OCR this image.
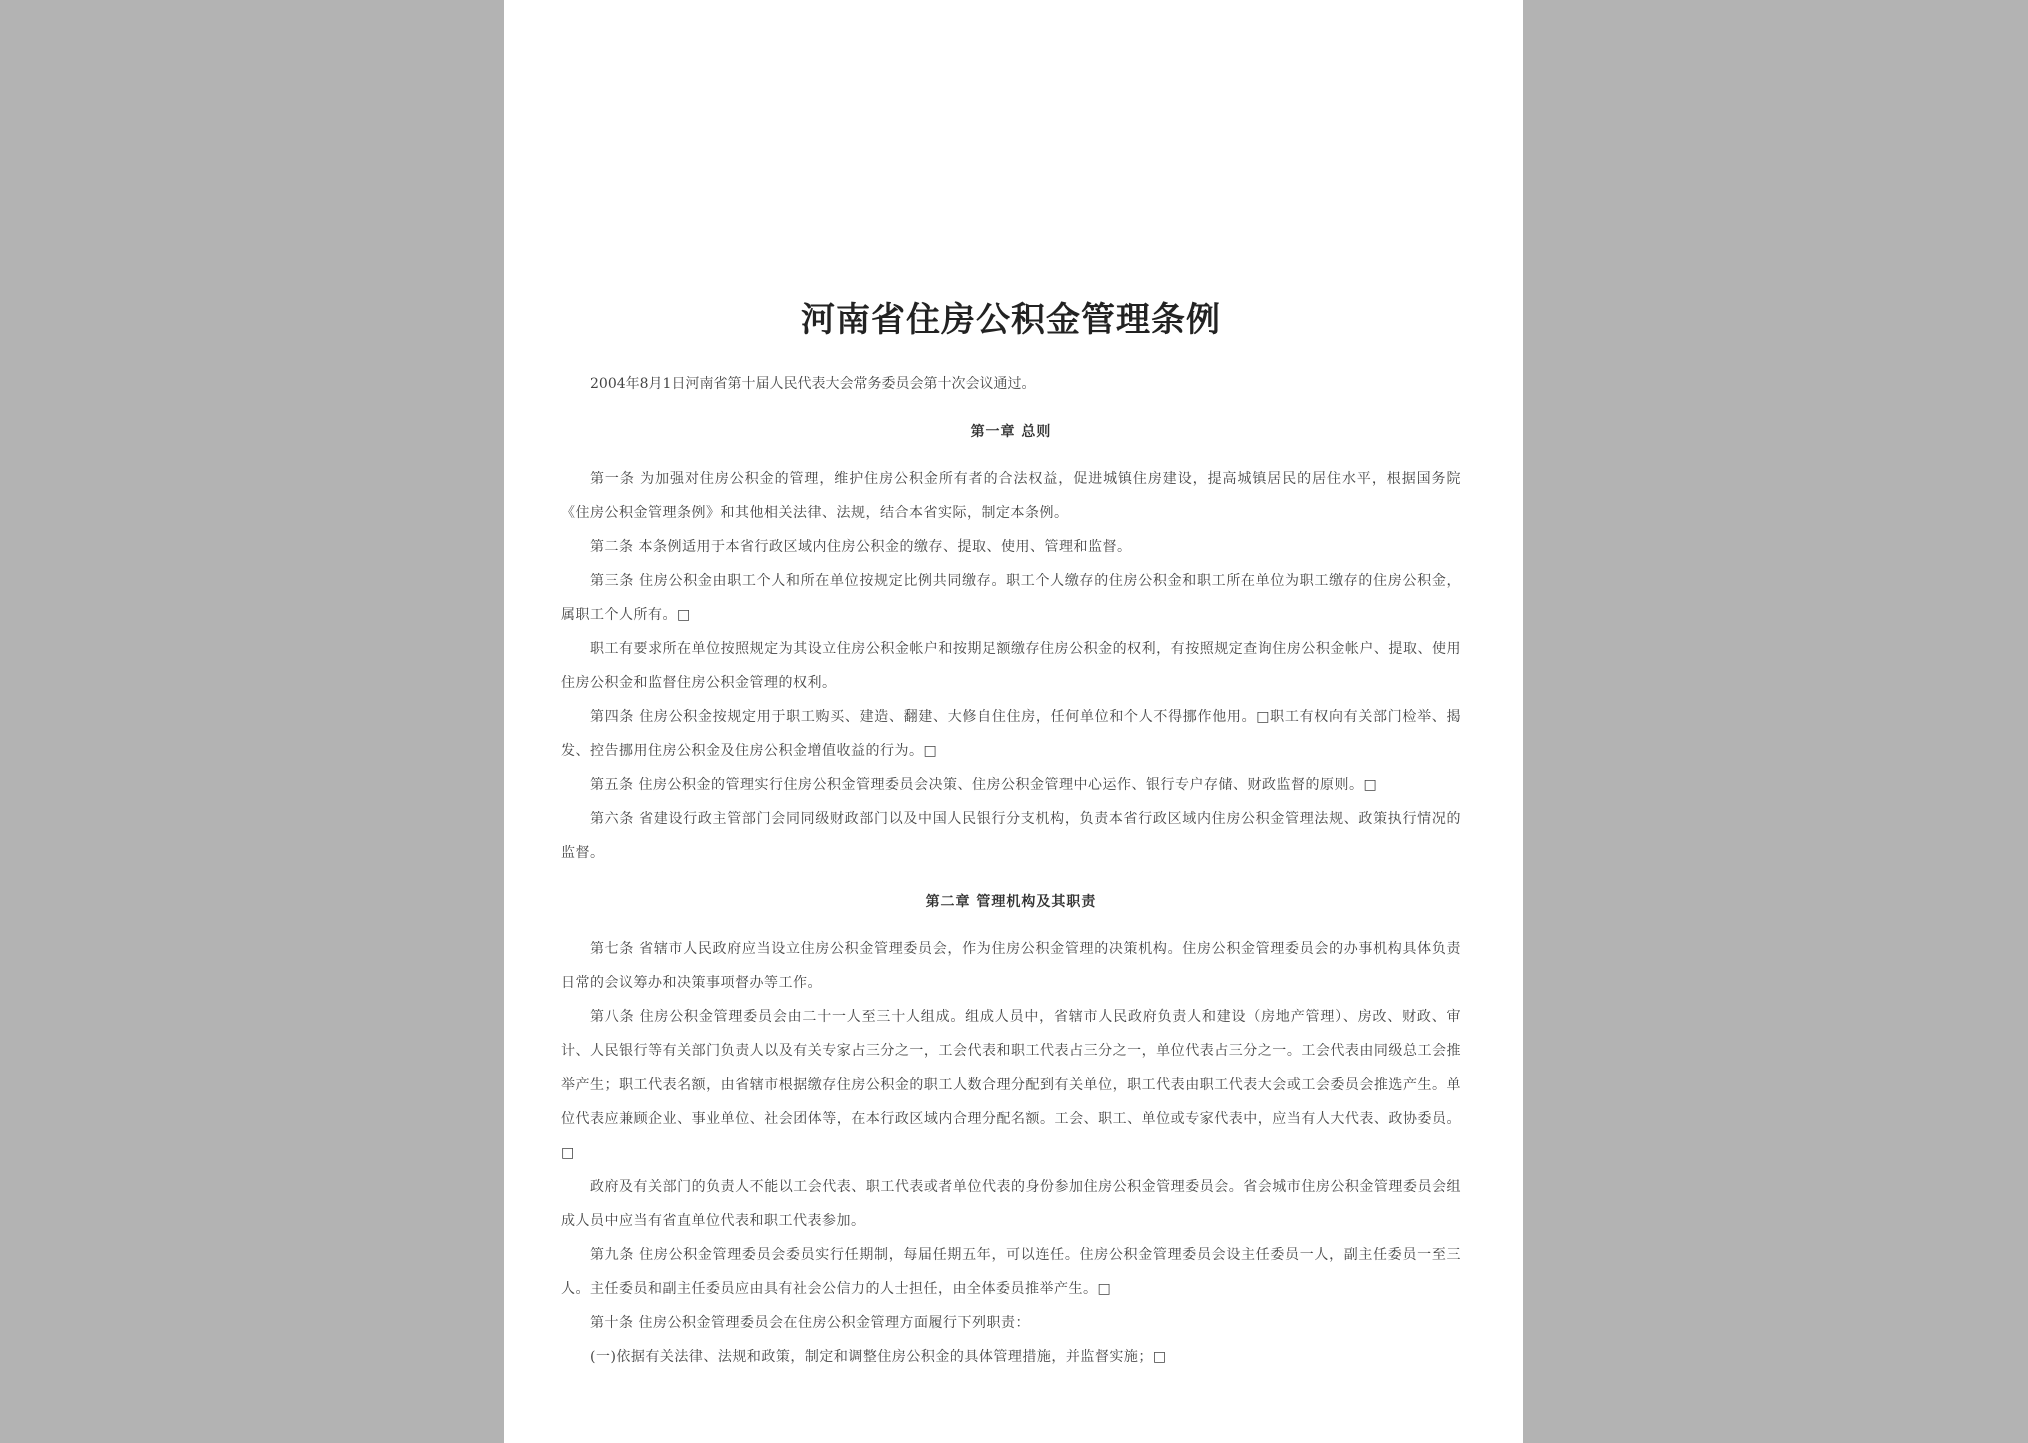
河南省住房公积金管理条例
2004年8月1日河南省第十届人民代表大会常务委员会第十次会议通过。
第一章 总则

第一条 为加强对住房公积金的管理，维护住房公积金所有者的合法权益，促进城镇住房建设，提高城镇居民的居住水平，根据国务院《住房公积金管理条例》和其他相关法律、法规，结合本省实际，制定本条例。

第二条 本条例适用于本省行政区域内住房公积金的缴存、提取、使用、管理和监督。

第三条 住房公积金由职工个人和所在单位按规定比例共同缴存。职工个人缴存的住房公积金和职工所在单位为职工缴存的住房公积金，属职工个人所有。□

职工有要求所在单位按照规定为其设立住房公积金帐户和按期足额缴存住房公积金的权利，有按照规定查询住房公积金帐户、提取、使用住房公积金和监督住房公积金管理的权利。

第四条 住房公积金按规定用于职工购买、建造、翻建、大修自住住房，任何单位和个人不得挪作他用。□职工有权向有关部门检举、揭发、控告挪用住房公积金及住房公积金增值收益的行为。□

第五条 住房公积金的管理实行住房公积金管理委员会决策、住房公积金管理中心运作、银行专户存储、财政监督的原则。□

第六条 省建设行政主管部门会同同级财政部门以及中国人民银行分支机构，负责本省行政区域内住房公积金管理法规、政策执行情况的监督。

第二章 管理机构及其职责

第七条 省辖市人民政府应当设立住房公积金管理委员会，作为住房公积金管理的决策机构。住房公积金管理委员会的办事机构具体负责日常的会议筹办和决策事项督办等工作。

第八条 住房公积金管理委员会由二十一人至三十人组成。组成人员中，省辖市人民政府负责人和建设（房地产管理）、房改、财政、审计、人民银行等有关部门负责人以及有关专家占三分之一，工会代表和职工代表占三分之一，单位代表占三分之一。工会代表由同级总工会推举产生；职工代表名额，由省辖市根据缴存住房公积金的职工人数合理分配到有关单位，职工代表由职工代表大会或工会委员会推选产生。单位代表应兼顾企业、事业单位、社会团体等，在本行政区域内合理分配名额。工会、职工、单位或专家代表中，应当有人大代表、政协委员。□

政府及有关部门的负责人不能以工会代表、职工代表或者单位代表的身份参加住房公积金管理委员会。省会城市住房公积金管理委员会组成人员中应当有省直单位代表和职工代表参加。

第九条 住房公积金管理委员会委员实行任期制，每届任期五年，可以连任。住房公积金管理委员会设主任委员一人，副主任委员一至三人。主任委员和副主任委员应由具有社会公信力的人士担任，由全体委员推举产生。□

第十条 住房公积金管理委员会在住房公积金管理方面履行下列职责：

(一)依据有关法律、法规和政策，制定和调整住房公积金的具体管理措施，并监督实施；□
